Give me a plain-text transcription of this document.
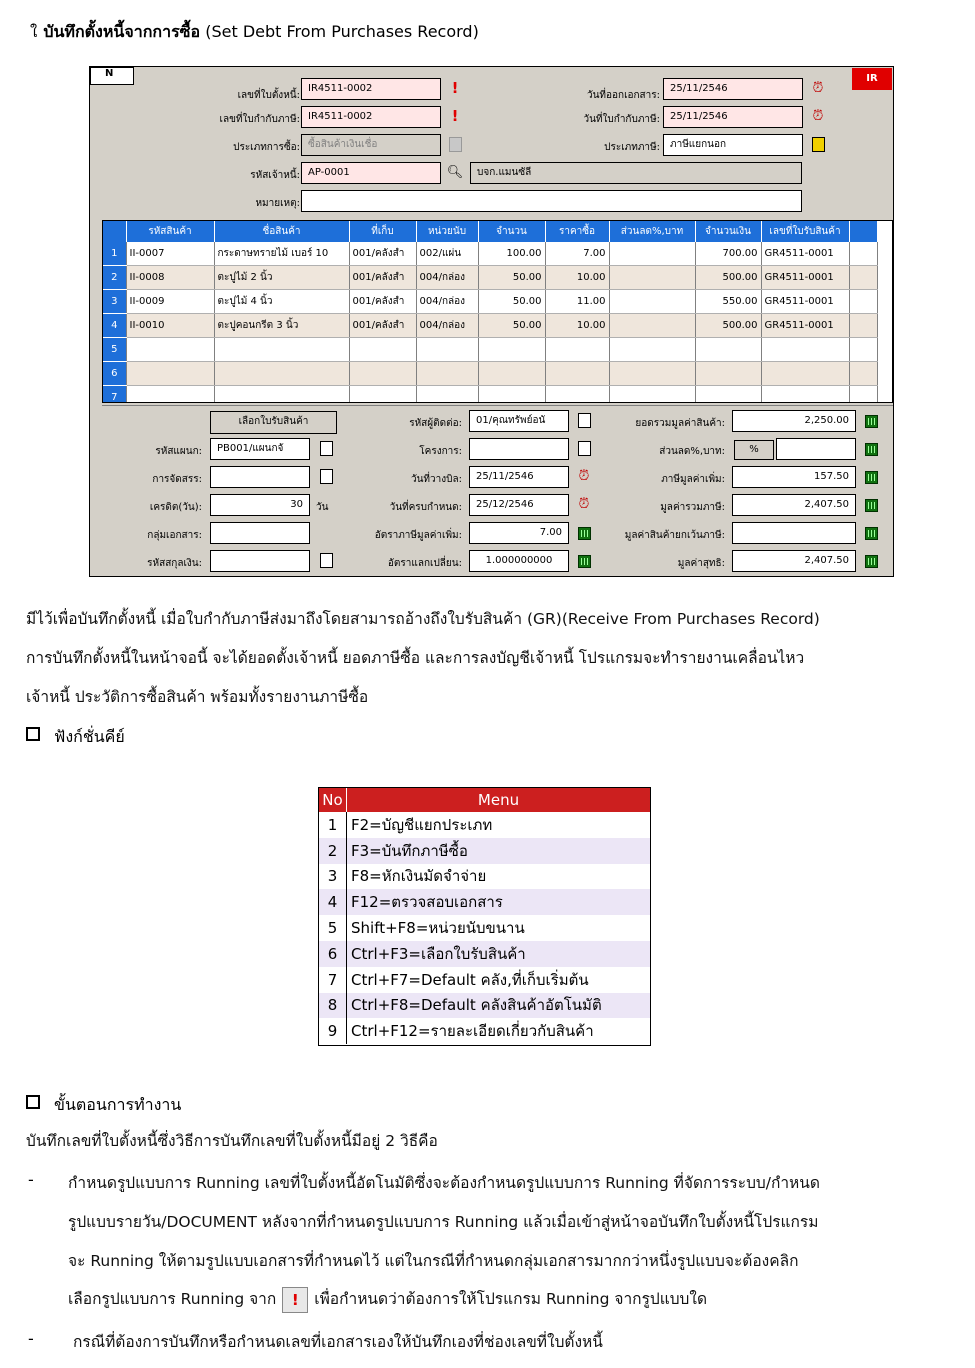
ใ บันทึกตั้งหนี้จากการซื้อ (Set Debt From Purchases Record)
N	IR
เลขที่ใบตั้งหนี้:
IR4511-0002	!
เลขที่ใบกำกับภาษี: IR4511-0002	!
ประเภทการซื้อ: ซื้อสินค้าเงินเชื่อ
รหัสเจ้าหนี้: AP-0001	🔍︎	บจก.แมนซัลี
หมายเหตุ:
วันที่ออกเอกสาร:
25/11/2546	⏰︎
วันที่ใบกำกับภาษี:	25/11/2546	⏰︎
ประเภทภาษี:	ภาษีแยกนอก
	รหัสสินค้า	ชื่อสินค้า	ที่เก็บ	หน่วยนับ	จำนวน	ราคาซื้อ	ส่วนลด%,บาท	จำนวนเงิน	เลขที่ใบรับสินค้า	
1	II-0007	กระดาษทรายไม้ เบอร์ 10	001/คลังสำ	002/แผ่น	100.00	7.00		700.00	GR4511-0001	
2	II-0008	ตะปูไม้ 2 นิ้ว	001/คลังสำ	004/กล่อง	50.00	10.00		500.00	GR4511-0001	
3	II-0009	ตะปูไม้ 4 นิ้ว	001/คลังสำ	004/กล่อง	50.00	11.00		550.00	GR4511-0001	
4	II-0010	ตะปูคอนกรีต 3 นิ้ว	001/คลังสำ	004/กล่อง	50.00	10.00		500.00	GR4511-0001	
5										
6										
7										
เลือกใบรับสินค้า
รหัสแผนก:	PB001/แผนกจั
การจัดสรร:
เครดิต(วัน):	30	วัน
กลุ่มเอกสาร:
รหัสสกุลเงิน:
รหัสผู้ติดต่อ:	01/คุณทรัพย์อนั
โครงการ:
วันที่วางบิล:	25/11/2546	⏰︎
วันที่ครบกำหนด:	25/12/2546	⏰︎
อัตราภาษีมูลค่าเพิ่ม:	7.00
อัตราแลกเปลี่ยน:	1.000000000
ยอดรวมมูลค่าสินค้า:	2,250.00
ส่วนลด%,บาท:	%
ภาษีมูลค่าเพิ่ม:	157.50
มูลค่ารวมภาษี:	2,407.50
มูลค่าสินค้ายกเว้นภาษี:
มูลค่าสุทธิ:	2,407.50
มีไว้เพื่อบันทึกตั้งหนี้ เมื่อใบกำกับภาษีส่งมาถึงโดยสามารถอ้างถึงใบรับสินค้า (GR)(Receive From Purchases Record)
การบันทึกตั้งหนี้ในหน้าจอนี้ จะได้ยอดตั้งเจ้าหนี้ ยอดภาษีซื้อ และการลงบัญชีเจ้าหนี้ โปรแกรมจะทำรายงานเคลื่อนไหว
เจ้าหนี้ ประวัติการซื้อสินค้า พร้อมทั้งรายงานภาษีซื้อ
ฟังก์ชั่นคีย์
No	Menu
1	F2=บัญชีแยกประเภท
2	F3=บันทึกภาษีซื้อ
3	F8=หักเงินมัดจำจ่าย
4	F12=ตรวจสอบเอกสาร
5	Shift+F8=หน่วยนับขนาน
6	Ctrl+F3=เลือกใบรับสินค้า
7	Ctrl+F7=Default คลัง,ที่เก็บเริ่มต้น
8	Ctrl+F8=Default คลังสินค้าอัตโนมัติ
9	Ctrl+F12=รายละเอียดเกี่ยวกับสินค้า
ขั้นตอนการทำงาน
บันทึกเลขที่ใบตั้งหนี้ซึ่งวิธีการบันทึกเลขที่ใบตั้งหนี้มีอยู่ 2 วิธีคือ
- กำหนดรูปแบบการ Running เลขที่ใบตั้งหนี้อัตโนมัติซึ่งจะต้องกำหนดรูปแบบการ Running ที่จัดการระบบ/กำหนด
รูปแบบรายวัน/DOCUMENT หลังจากที่กำหนดรูปแบบการ Running แล้วเมื่อเข้าสู่หน้าจอบันทึกใบตั้งหนี้โปรแกรม
จะ Running ให้ตามรูปแบบเอกสารที่กำหนดไว้ แต่ในกรณีที่กำหนดกลุ่มเอกสารมากกว่าหนึ่งรูปแบบจะต้องคลิก
เลือกรูปแบบการ Running จาก ! เพื่อกำหนดว่าต้องการให้โปรแกรม Running จากรูปแบบใด
-	กรณีที่ต้องการบันทึกหรือกำหนดเลขที่เอกสารเองให้บันทึกเองที่ช่องเลขที่ใบตั้งหนี้
